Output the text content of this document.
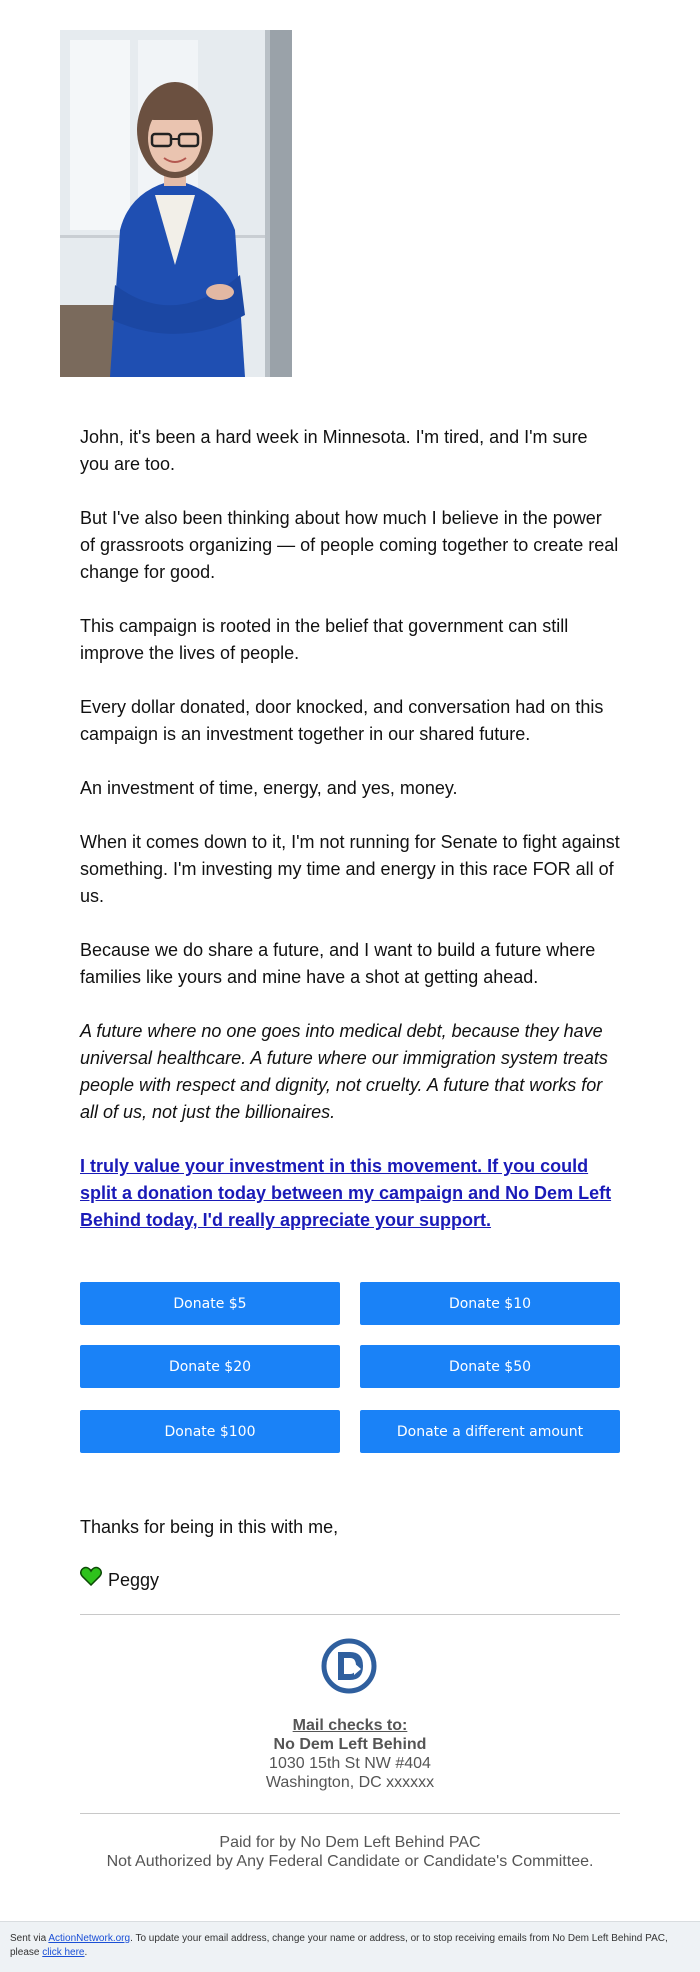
John, it's been a hard week in Minnesota. I'm tired, and I'm sure you are too.

But I've also been thinking about how much I believe in the power of grassroots organizing — of people coming together to create real change for good.

This campaign is rooted in the belief that government can still improve the lives of people.

Every dollar donated, door knocked, and conversation had on this campaign is an investment together in our shared future.

An investment of time, energy, and yes, money.

When it comes down to it, I'm not running for Senate to fight against something. I'm investing my time and energy in this race FOR all of us.

Because we do share a future, and I want to build a future where families like yours and mine have a shot at getting ahead.

A future where no one goes into medical debt, because they have universal healthcare. A future where our immigration system treats people with respect and dignity, not cruelty. A future that works for all of us, not just the billionaires.

I truly value your investment in this movement. If you could split a donation today between my campaign and No Dem Left Behind today, I'd really appreciate your support.
Donate $5	Donate $10
Donate $20	Donate $50
Donate $100	Donate a different amount
Thanks for being in this with me,
Peggy
Mail checks to:
No Dem Left Behind
1030 15th St NW #404
Washington, DC xxxxxx
Paid for by No Dem Left Behind PAC
Not Authorized by Any Federal Candidate or Candidate's Committee.
Sent via ActionNetwork.org. To update your email address, change your name or address, or to stop receiving emails from No Dem Left Behind PAC, please click here.
